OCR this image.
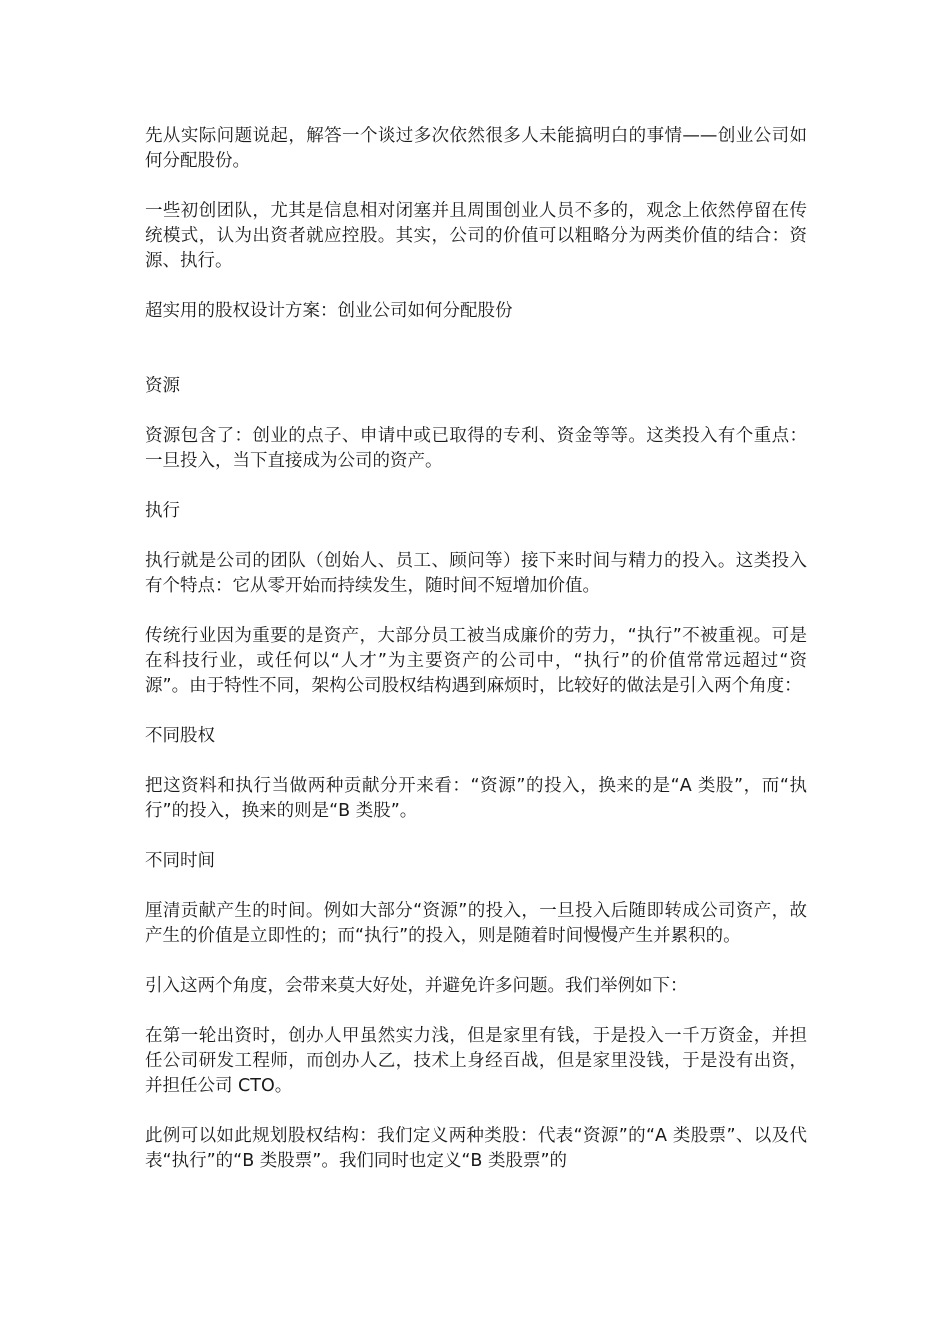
先从实际问题说起，解答一个谈过多次依然很多人未能搞明白的事情——创业公司如何分配股份。

一些初创团队，尤其是信息相对闭塞并且周围创业人员不多的，观念上依然停留在传统模式，认为出资者就应控股。其实，公司的价值可以粗略分为两类价值的结合：资源、执行。

超实用的股权设计方案：创业公司如何分配股份

资源

资源包含了：创业的点子、申请中或已取得的专利、资金等等。这类投入有个重点：一旦投入，当下直接成为公司的资产。

执行

执行就是公司的团队（创始人、员工、顾问等）接下来时间与精力的投入。这类投入有个特点：它从零开始而持续发生，随时间不短增加价值。

传统行业因为重要的是资产，大部分员工被当成廉价的劳力，“执行”不被重视。可是在科技行业，或任何以“人才”为主要资产的公司中，“执行”的价值常常远超过“资源”。由于特性不同，架构公司股权结构遇到麻烦时，比较好的做法是引入两个角度：

不同股权

把这资料和执行当做两种贡献分开来看：“资源”的投入，换来的是“A 类股”，而“执行”的投入，换来的则是“B 类股”。

不同时间

厘清贡献产生的时间。例如大部分“资源”的投入，一旦投入后随即转成公司资产，故产生的价值是立即性的；而“执行”的投入，则是随着时间慢慢产生并累积的。

引入这两个角度，会带来莫大好处，并避免许多问题。我们举例如下：

在第一轮出资时，创办人甲虽然实力浅，但是家里有钱，于是投入一千万资金，并担任公司研发工程师，而创办人乙，技术上身经百战，但是家里没钱，于是没有出资，并担任公司 CTO。

此例可以如此规划股权结构：我们定义两种类股：代表“资源”的“A 类股票”、以及代表“执行”的“B 类股票”。我们同时也定义“B 类股票”的
